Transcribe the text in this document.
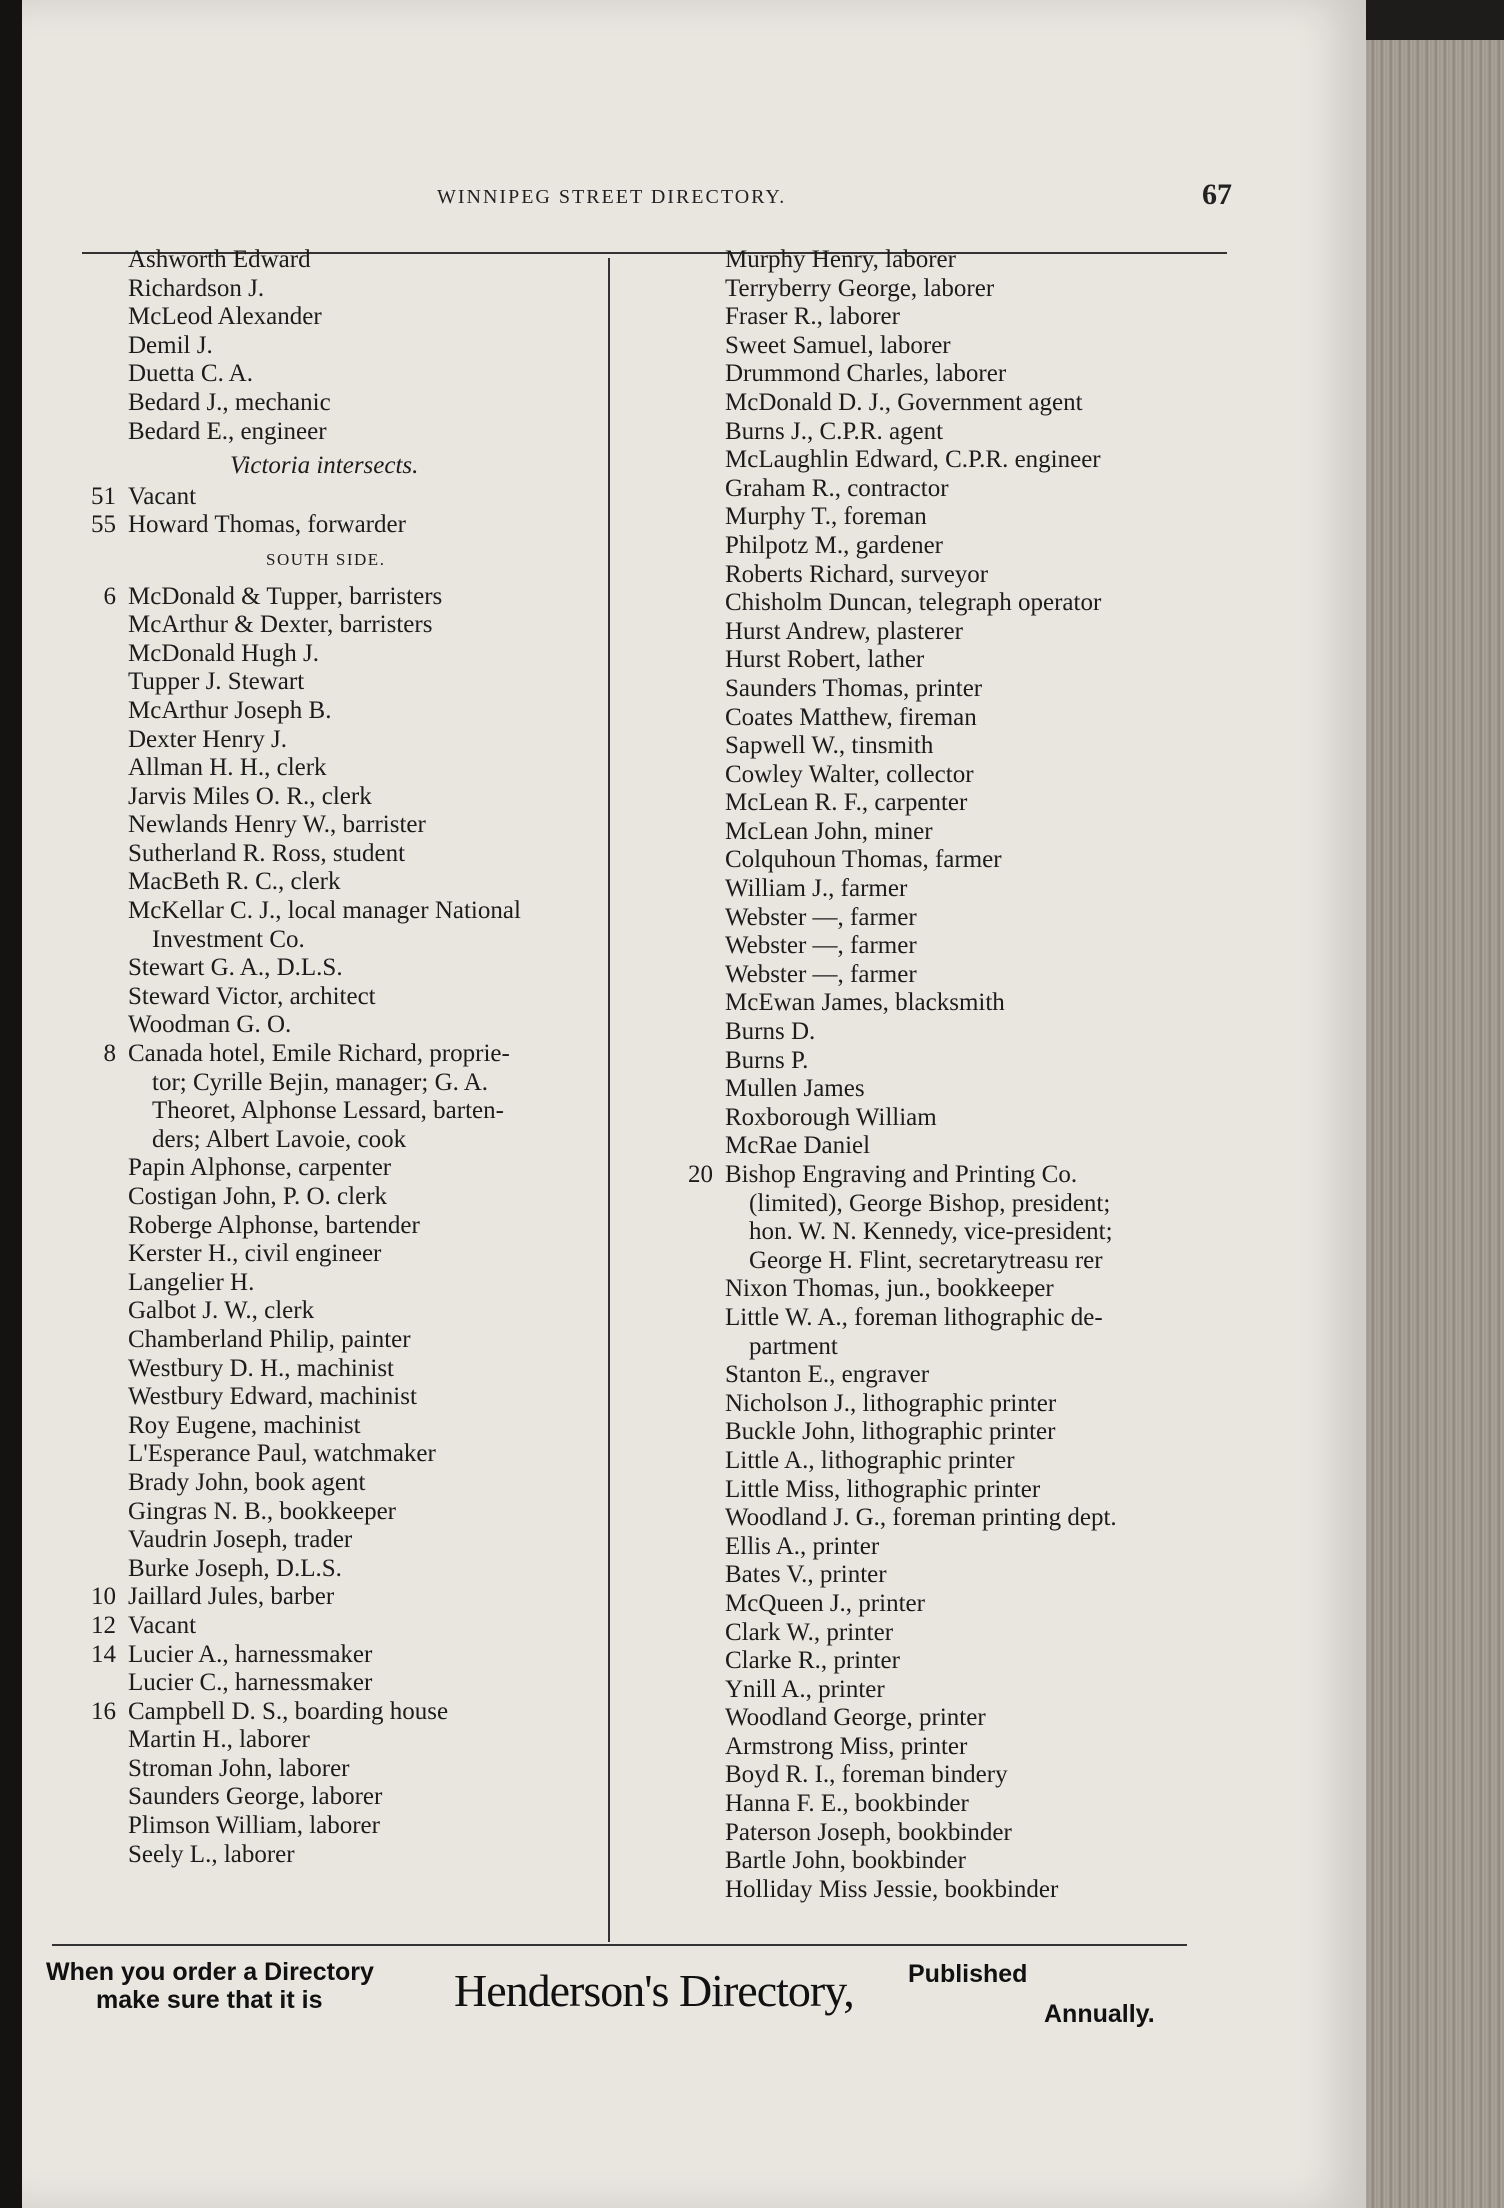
WINNIPEG STREET DIRECTORY.	67
Ashworth Edward
Richardson J.
McLeod Alexander
Demil J.
Duetta C. A.
Bedard J., mechanic
Bedard E., engineer
Victoria intersects.
51 Vacant
55 Howard Thomas, forwarder
SOUTH SIDE.
6 McDonald & Tupper, barristers
McArthur & Dexter, barristers
McDonald Hugh J.
Tupper J. Stewart
McArthur Joseph B.
Dexter Henry J.
Allman H. H., clerk
Jarvis Miles O. R., clerk
Newlands Henry W., barrister
Sutherland R. Ross, student
MacBeth R. C., clerk
McKellar C. J., local manager National
Investment Co.
Stewart G. A., D.L.S.
Steward Victor, architect
Woodman G. O.
8 Canada hotel, Emile Richard, proprie-
tor; Cyrille Bejin, manager; G. A.
Theoret, Alphonse Lessard, barten-
ders; Albert Lavoie, cook
Papin Alphonse, carpenter
Costigan John, P. O. clerk
Roberge Alphonse, bartender
Kerster H., civil engineer
Langelier H.
Galbot J. W., clerk
Chamberland Philip, painter
Westbury D. H., machinist
Westbury Edward, machinist
Roy Eugene, machinist
L'Esperance Paul, watchmaker
Brady John, book agent
Gingras N. B., bookkeeper
Vaudrin Joseph, trader
Burke Joseph, D.L.S.
10 Jaillard Jules, barber
12 Vacant
14 Lucier A., harnessmaker
Lucier C., harnessmaker
16 Campbell D. S., boarding house
Martin H., laborer
Stroman John, laborer
Saunders George, laborer
Plimson William, laborer
Seely L., laborer
Murphy Henry, laborer
Terryberry George, laborer
Fraser R., laborer
Sweet Samuel, laborer
Drummond Charles, laborer
McDonald D. J., Government agent
Burns J., C.P.R. agent
McLaughlin Edward, C.P.R. engineer
Graham R., contractor
Murphy T., foreman
Philpotz M., gardener
Roberts Richard, surveyor
Chisholm Duncan, telegraph operator
Hurst Andrew, plasterer
Hurst Robert, lather
Saunders Thomas, printer
Coates Matthew, fireman
Sapwell W., tinsmith
Cowley Walter, collector
McLean R. F., carpenter
McLean John, miner
Colquhoun Thomas, farmer
William J., farmer
Webster —, farmer
Webster —, farmer
Webster —, farmer
McEwan James, blacksmith
Burns D.
Burns P.
Mullen James
Roxborough William
McRae Daniel
20 Bishop Engraving and Printing Co.
(limited), George Bishop, president;
hon. W. N. Kennedy, vice-president;
George H. Flint, secretarytreasu rer
Nixon Thomas, jun., bookkeeper
Little W. A., foreman lithographic de-
partment
Stanton E., engraver
Nicholson J., lithographic printer
Buckle John, lithographic printer
Little A., lithographic printer
Little Miss, lithographic printer
Woodland J. G., foreman printing dept.
Ellis A., printer
Bates V., printer
McQueen J., printer
Clark W., printer
Clarke R., printer
Ynill A., printer
Woodland George, printer
Armstrong Miss, printer
Boyd R. I., foreman bindery
Hanna F. E., bookbinder
Paterson Joseph, bookbinder
Bartle John, bookbinder
Holliday Miss Jessie, bookbinder
When you order a Directory
make sure that it is	Henderson's Directory, Published
Annually.
